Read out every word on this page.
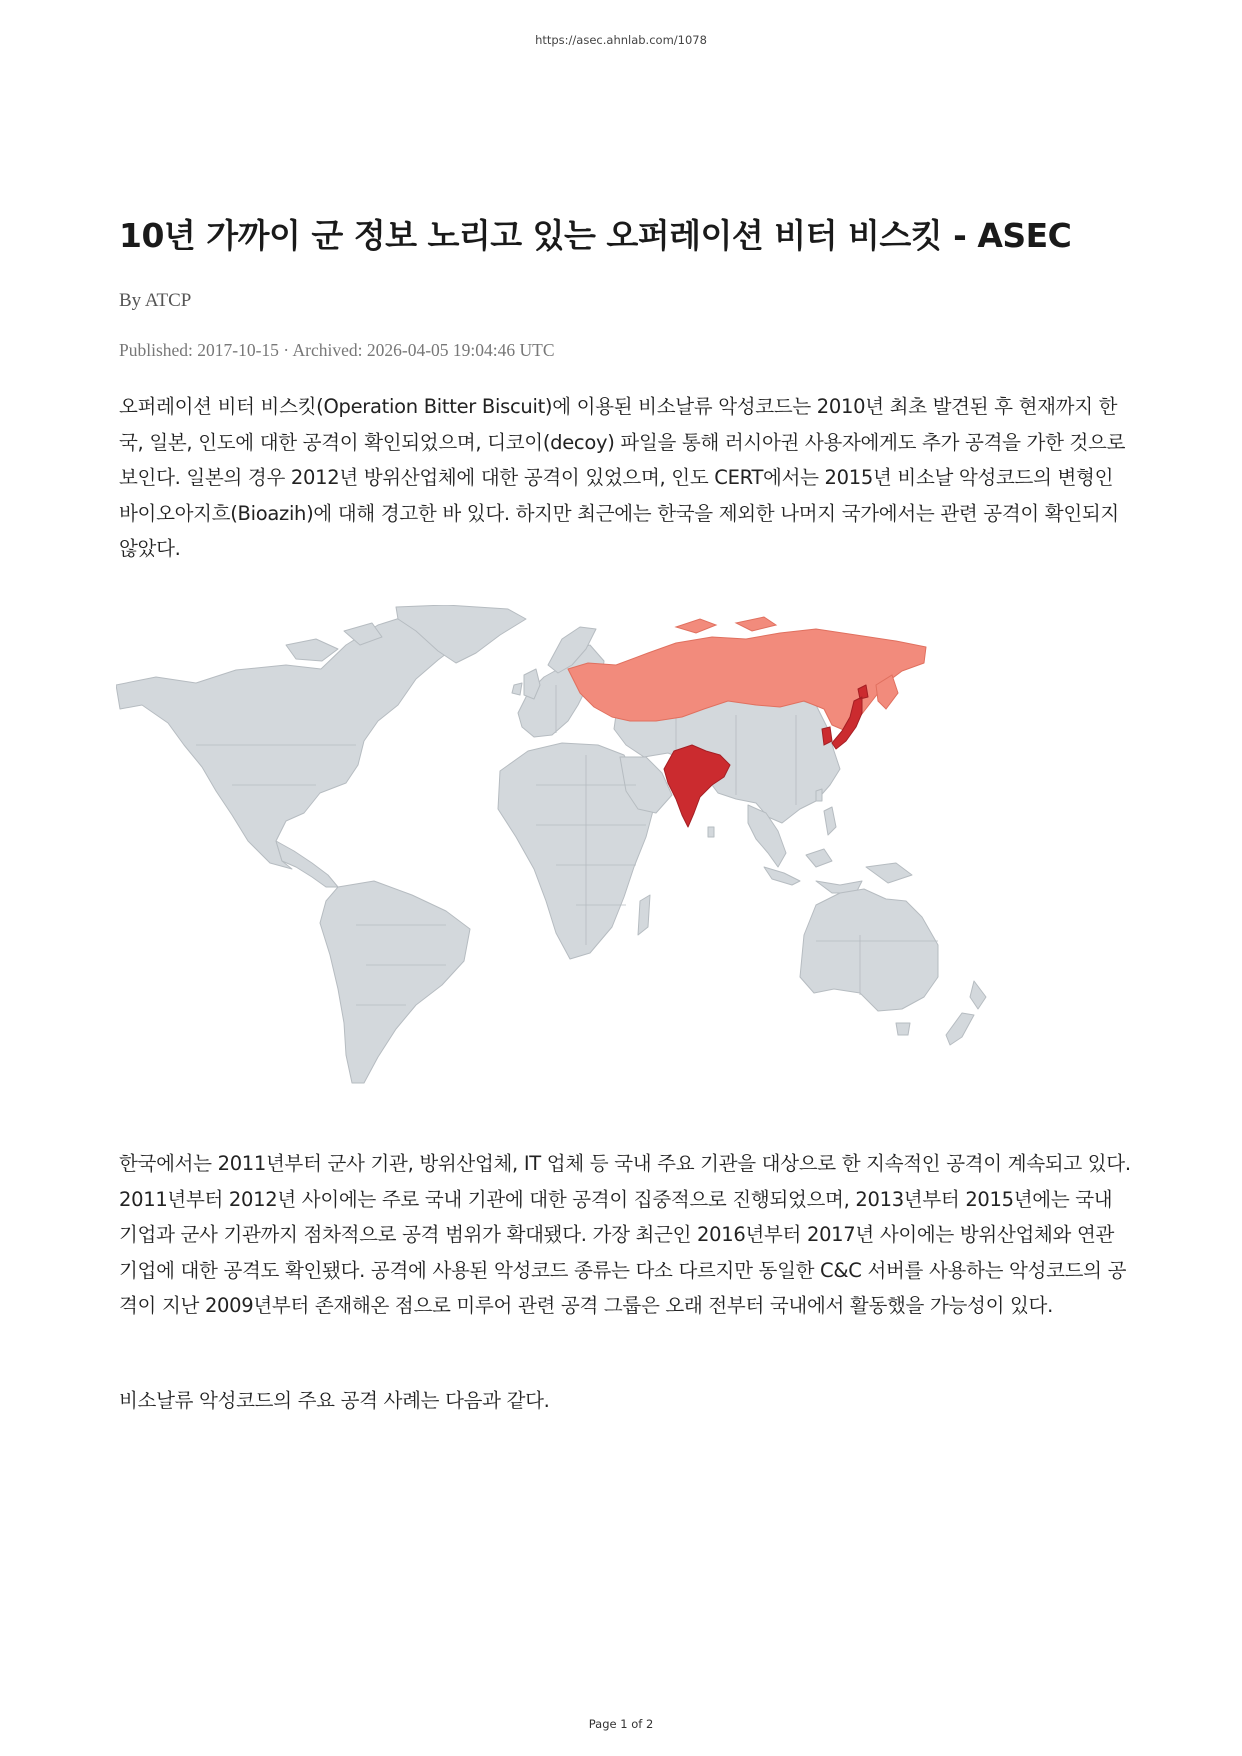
https://asec.ahnlab.com/1078
10년 가까이 군 정보 노리고 있는 오퍼레이션 비터 비스킷 - ASEC
By ATCP
Published: 2017-10-15 · Archived: 2026-04-05 19:04:46 UTC

오퍼레이션 비터 비스킷(Operation Bitter Biscuit)에 이용된 비소날류 악성코드는 2010년 최초 발견된 후 현재까지 한국, 일본, 인도에 대한 공격이 확인되었으며, 디코이(decoy) 파일을 통해 러시아권 사용자에게도 추가 공격을 가한 것으로 보인다. 일본의 경우 2012년 방위산업체에 대한 공격이 있었으며, 인도 CERT에서는 2015년 비소날 악성코드의 변형인 바이오아지흐(Bioazih)에 대해 경고한 바 있다. 하지만 최근에는 한국을 제외한 나머지 국가에서는 관련 공격이 확인되지 않았다.

한국에서는 2011년부터 군사 기관, 방위산업체, IT 업체 등 국내 주요 기관을 대상으로 한 지속적인 공격이 계속되고 있다. 2011년부터 2012년 사이에는 주로 국내 기관에 대한 공격이 집중적으로 진행되었으며, 2013년부터 2015년에는 국내 기업과 군사 기관까지 점차적으로 공격 범위가 확대됐다. 가장 최근인 2016년부터 2017년 사이에는 방위산업체와 연관 기업에 대한 공격도 확인됐다. 공격에 사용된 악성코드 종류는 다소 다르지만 동일한 C&C 서버를 사용하는 악성코드의 공격이 지난 2009년부터 존재해온 점으로 미루어 관련 공격 그룹은 오래 전부터 국내에서 활동했을 가능성이 있다.

비소날류 악성코드의 주요 공격 사례는 다음과 같다.

Page 1 of 2
